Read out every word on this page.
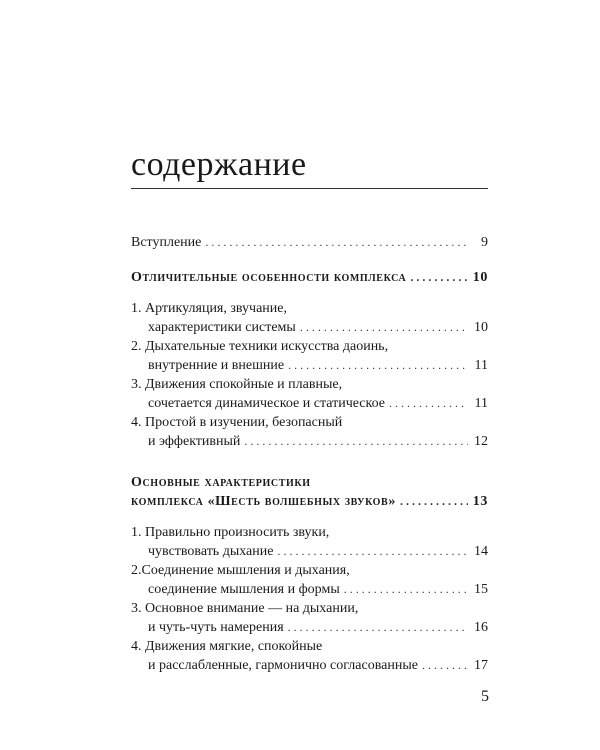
содержание
Вступление . . .	9
Отличительные особенности комплекса . . .	10
1. Артикуляция, звучание,
характеристики системы . . .	10
2. Дыхательные техники искусства даоинь,
внутренние и внешние . . .	11
3. Движения спокойные и плавные,
сочетается динамическое и статическое . . .	11
4. Простой в изучении, безопасный
и эффективный . . .	12
Основные характеристики
комплекса «Шесть волшебных звуков» . . .	13
1. Правильно произносить звуки,
чувствовать дыхание . . .	14
2.Соединение мышления и дыхания,
соединение мышления и формы . . .	15
3. Основное внимание — на дыхании,
и чуть-чуть намерения . . .	16
4. Движения мягкие, спокойные
и расслабленные, гармонично согласованные . . .	17
5
